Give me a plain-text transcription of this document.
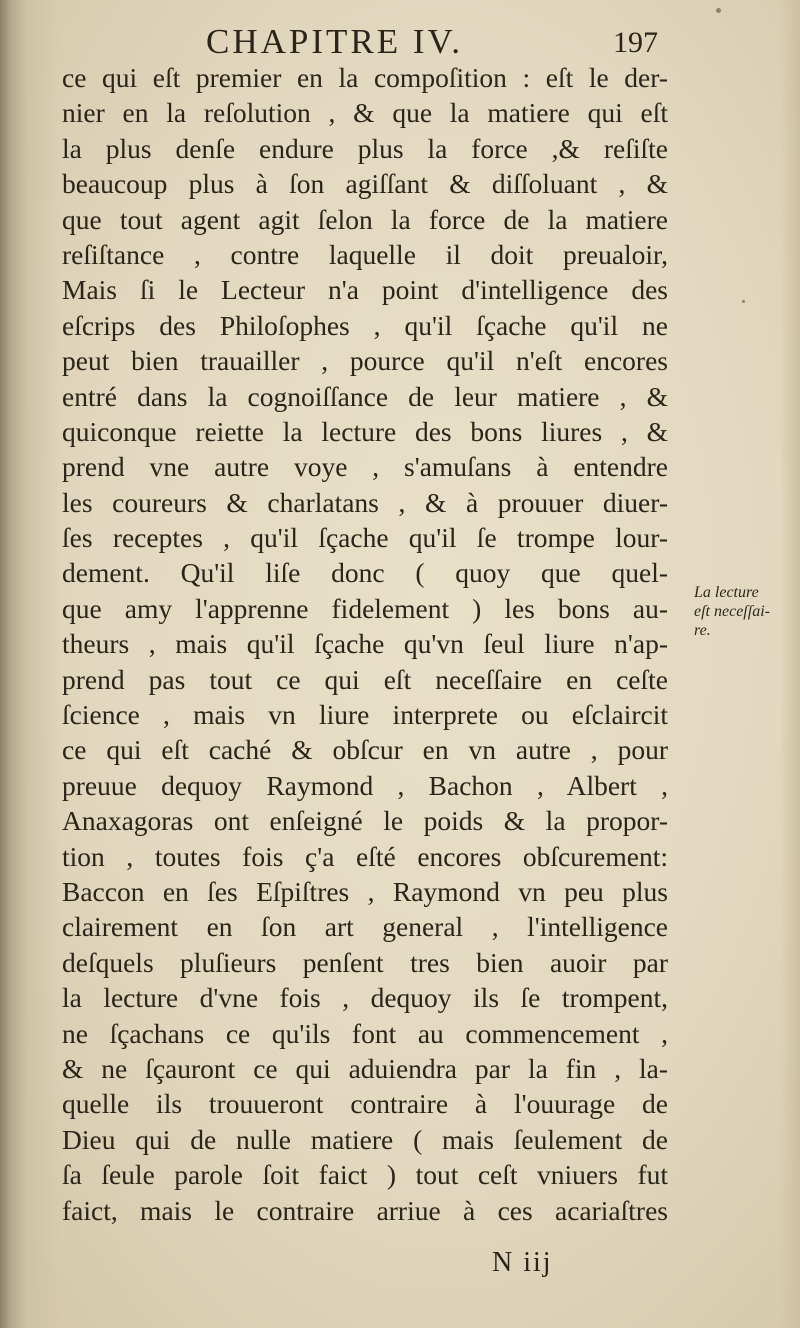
CHAPITRE IV.	197
ce qui eſt premier en la compoſition : eſt le der-
nier en la reſolution , & que la matiere qui eſt
la plus denſe endure plus la force ,& reſiſte
beaucoup plus à ſon agiſſant & diſſoluant , &
que tout agent agit ſelon la force de la matiere
reſiſtance , contre laquelle il doit preualoir,
Mais ſi le Lecteur n'a point d'intelligence des
eſcrips des Philoſophes , qu'il ſçache qu'il ne
peut bien trauailler , pource qu'il n'eſt encores
entré dans la cognoiſſance de leur matiere , &
quiconque reiette la lecture des bons liures , &
prend vne autre voye , s'amuſans à entendre
les coureurs & charlatans , & à prouuer diuer-
ſes receptes , qu'il ſçache qu'il ſe trompe lour-
dement. Qu'il liſe donc ( quoy que quel-
que amy l'apprenne fidelement ) les bons au-
theurs , mais qu'il ſçache qu'vn ſeul liure n'ap-
prend pas tout ce qui eſt neceſſaire en ceſte
ſcience , mais vn liure interprete ou eſclaircit
ce qui eſt caché & obſcur en vn autre , pour
preuue dequoy Raymond , Bachon , Albert ,
Anaxagoras ont enſeigné le poids & la propor-
tion , toutes fois ç'a eſté encores obſcurement:
Baccon en ſes Eſpiſtres , Raymond vn peu plus
clairement en ſon art general , l'intelligence
deſquels pluſieurs penſent tres bien auoir par
la lecture d'vne fois , dequoy ils ſe trompent,
ne ſçachans ce qu'ils font au commencement ,
& ne ſçauront ce qui aduiendra par la fin , la-
quelle ils trouueront contraire à l'ouurage de
Dieu qui de nulle matiere ( mais ſeulement de
ſa ſeule parole ſoit faict ) tout ceſt vniuers fut
faict, mais le contraire arriue à ces acariaſtres
La lecture
eſt neceſſai-
re.
N iij
